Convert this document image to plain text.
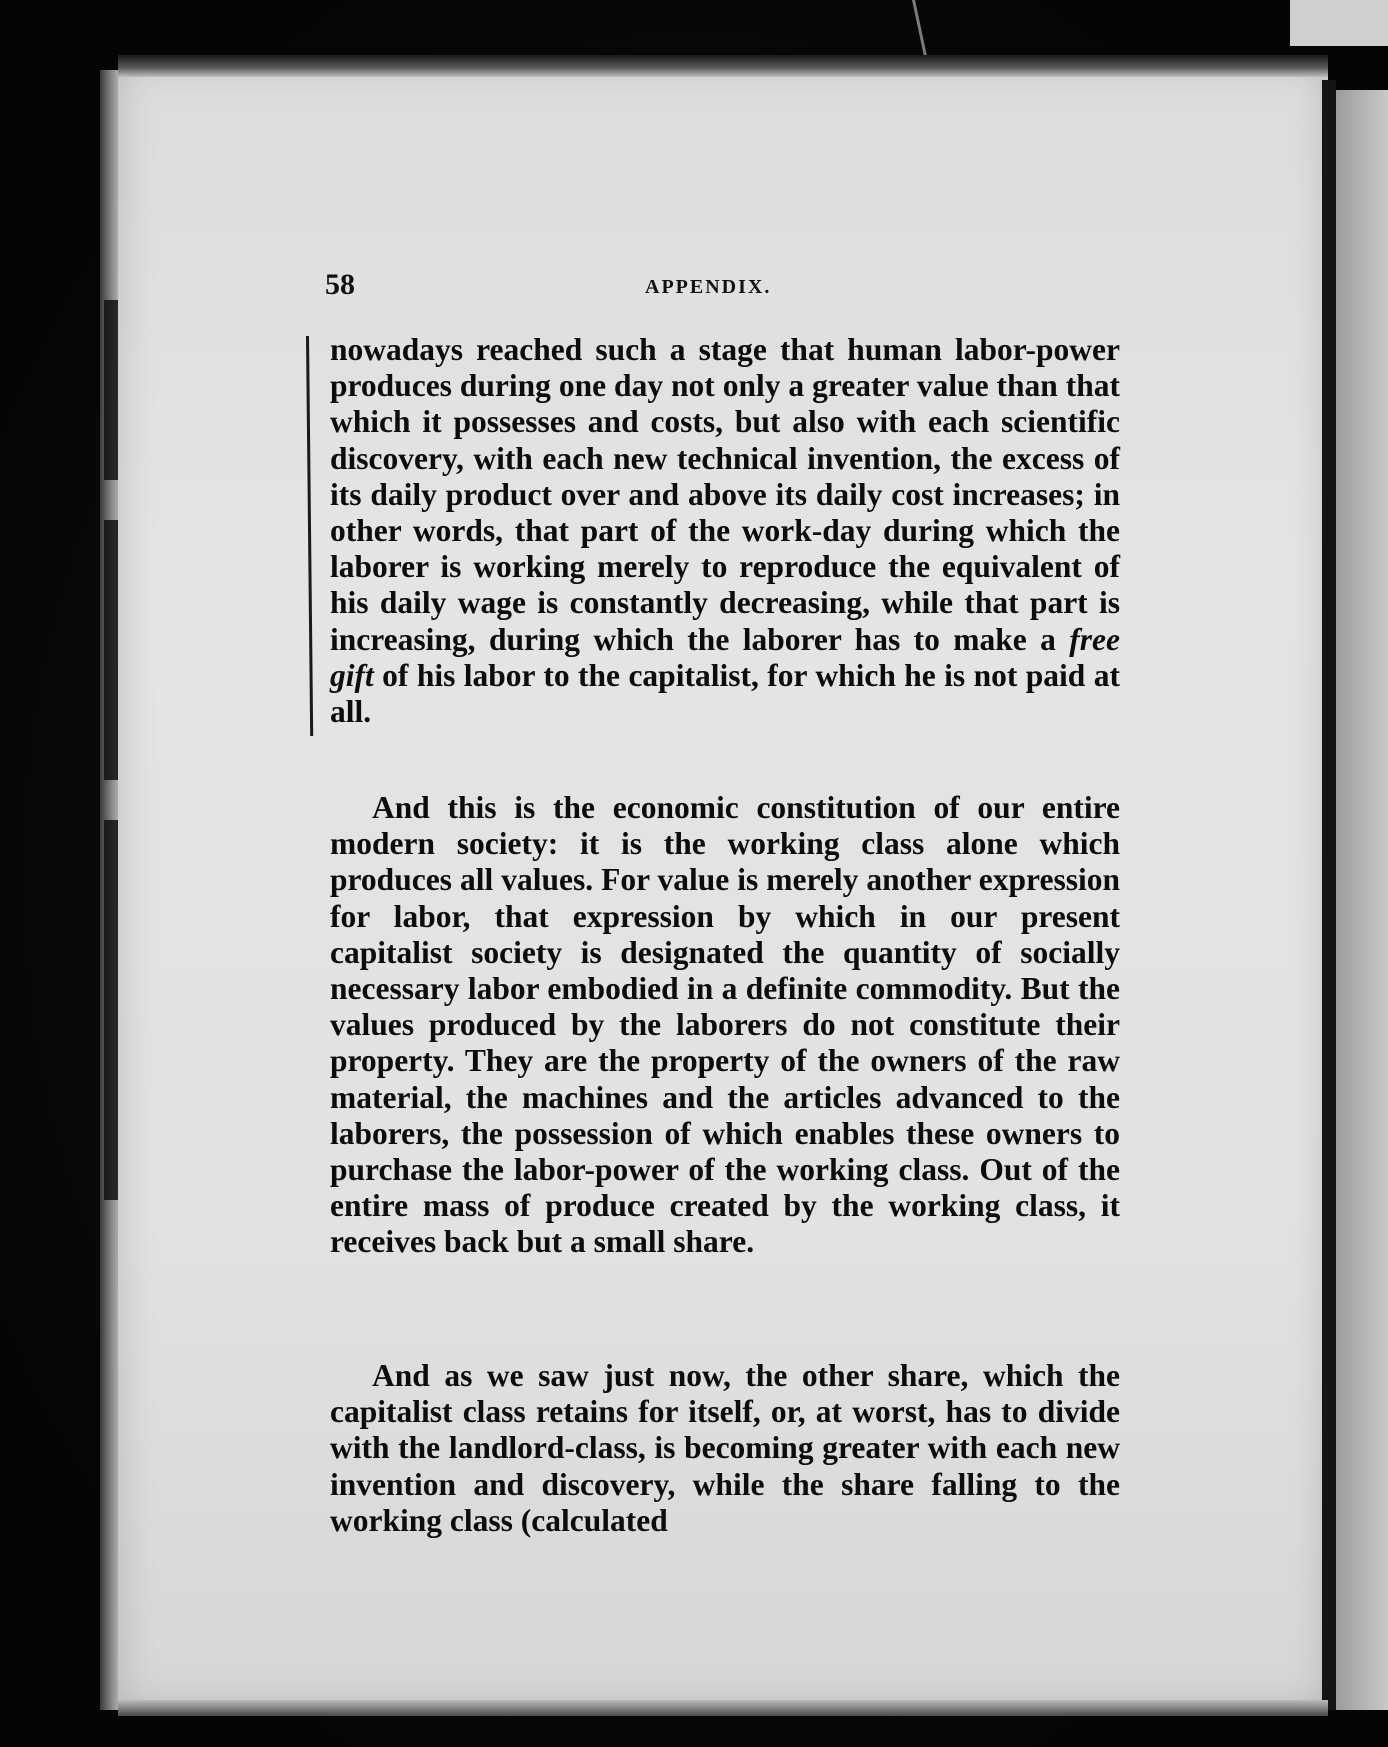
58	APPENDIX.

nowadays reached such a stage that human labor-power produces during one day not only a greater value than that which it possesses and costs, but also with each scientific discovery, with each new technical invention, the excess of its daily product over and above its daily cost increases; in other words, that part of the work-day during which the laborer is working merely to reproduce the equivalent of his daily wage is constantly decreasing, while that part is increasing, during which the laborer has to make a free gift of his labor to the capitalist, for which he is not paid at all.

And this is the economic constitution of our entire modern society: it is the working class alone which produces all values. For value is merely another expression for labor, that expression by which in our present capitalist society is designated the quantity of socially necessary labor embodied in a definite commodity. But the values produced by the laborers do not constitute their property. They are the property of the owners of the raw material, the machines and the articles advanced to the laborers, the possession of which enables these owners to purchase the labor-power of the working class. Out of the entire mass of produce created by the working class, it receives back but a small share.

And as we saw just now, the other share, which the capitalist class retains for itself, or, at worst, has to divide with the landlord-class, is becoming greater with each new invention and discovery, while the share falling to the working class (calculated
